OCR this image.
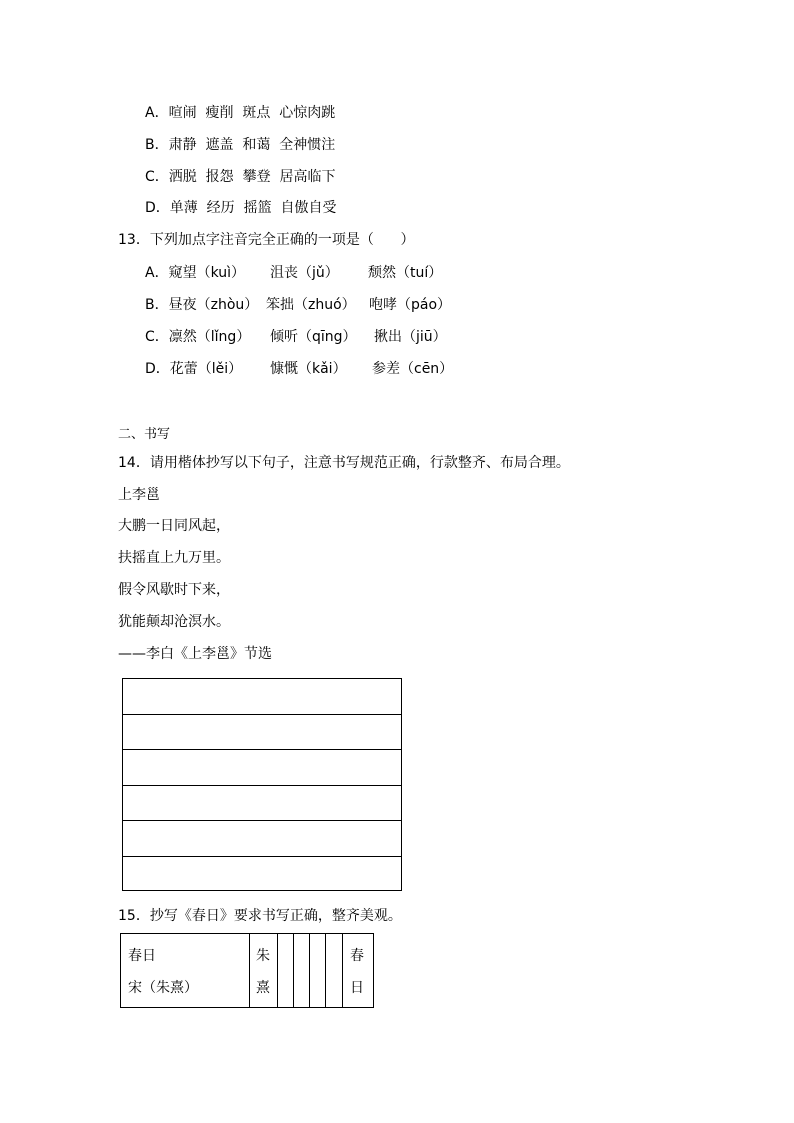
A．喧闹  瘦削  斑点  心惊肉跳
B．肃静  遮盖  和蔼  全神惯注
C．洒脱  报怨  攀登  居高临下
D．单薄  经历  摇篮  自傲自受
13．下列加点字注音完全正确的一项是（      ）
A．窥望（kuì） 沮丧（jǔ） 颓然（tuí）
B．昼夜（zhòu） 笨拙（zhuó） 咆哮（páo）
C．凛然（lǐng） 倾听（qīng） 揪出（jiū）
D．花蕾（lěi） 慷慨（kǎi） 参差（cēn）
二、书写
14．请用楷体抄写以下句子，注意书写规范正确，行款整齐、布局合理。
上李邕
大鹏一日同风起，
扶摇直上九万里。
假令风歇时下来，
犹能颠却沧溟水。
——李白《上李邕》节选
15．抄写《春日》要求书写正确，整齐美观。
春日
宋（朱熹）
朱
熹
春
日
